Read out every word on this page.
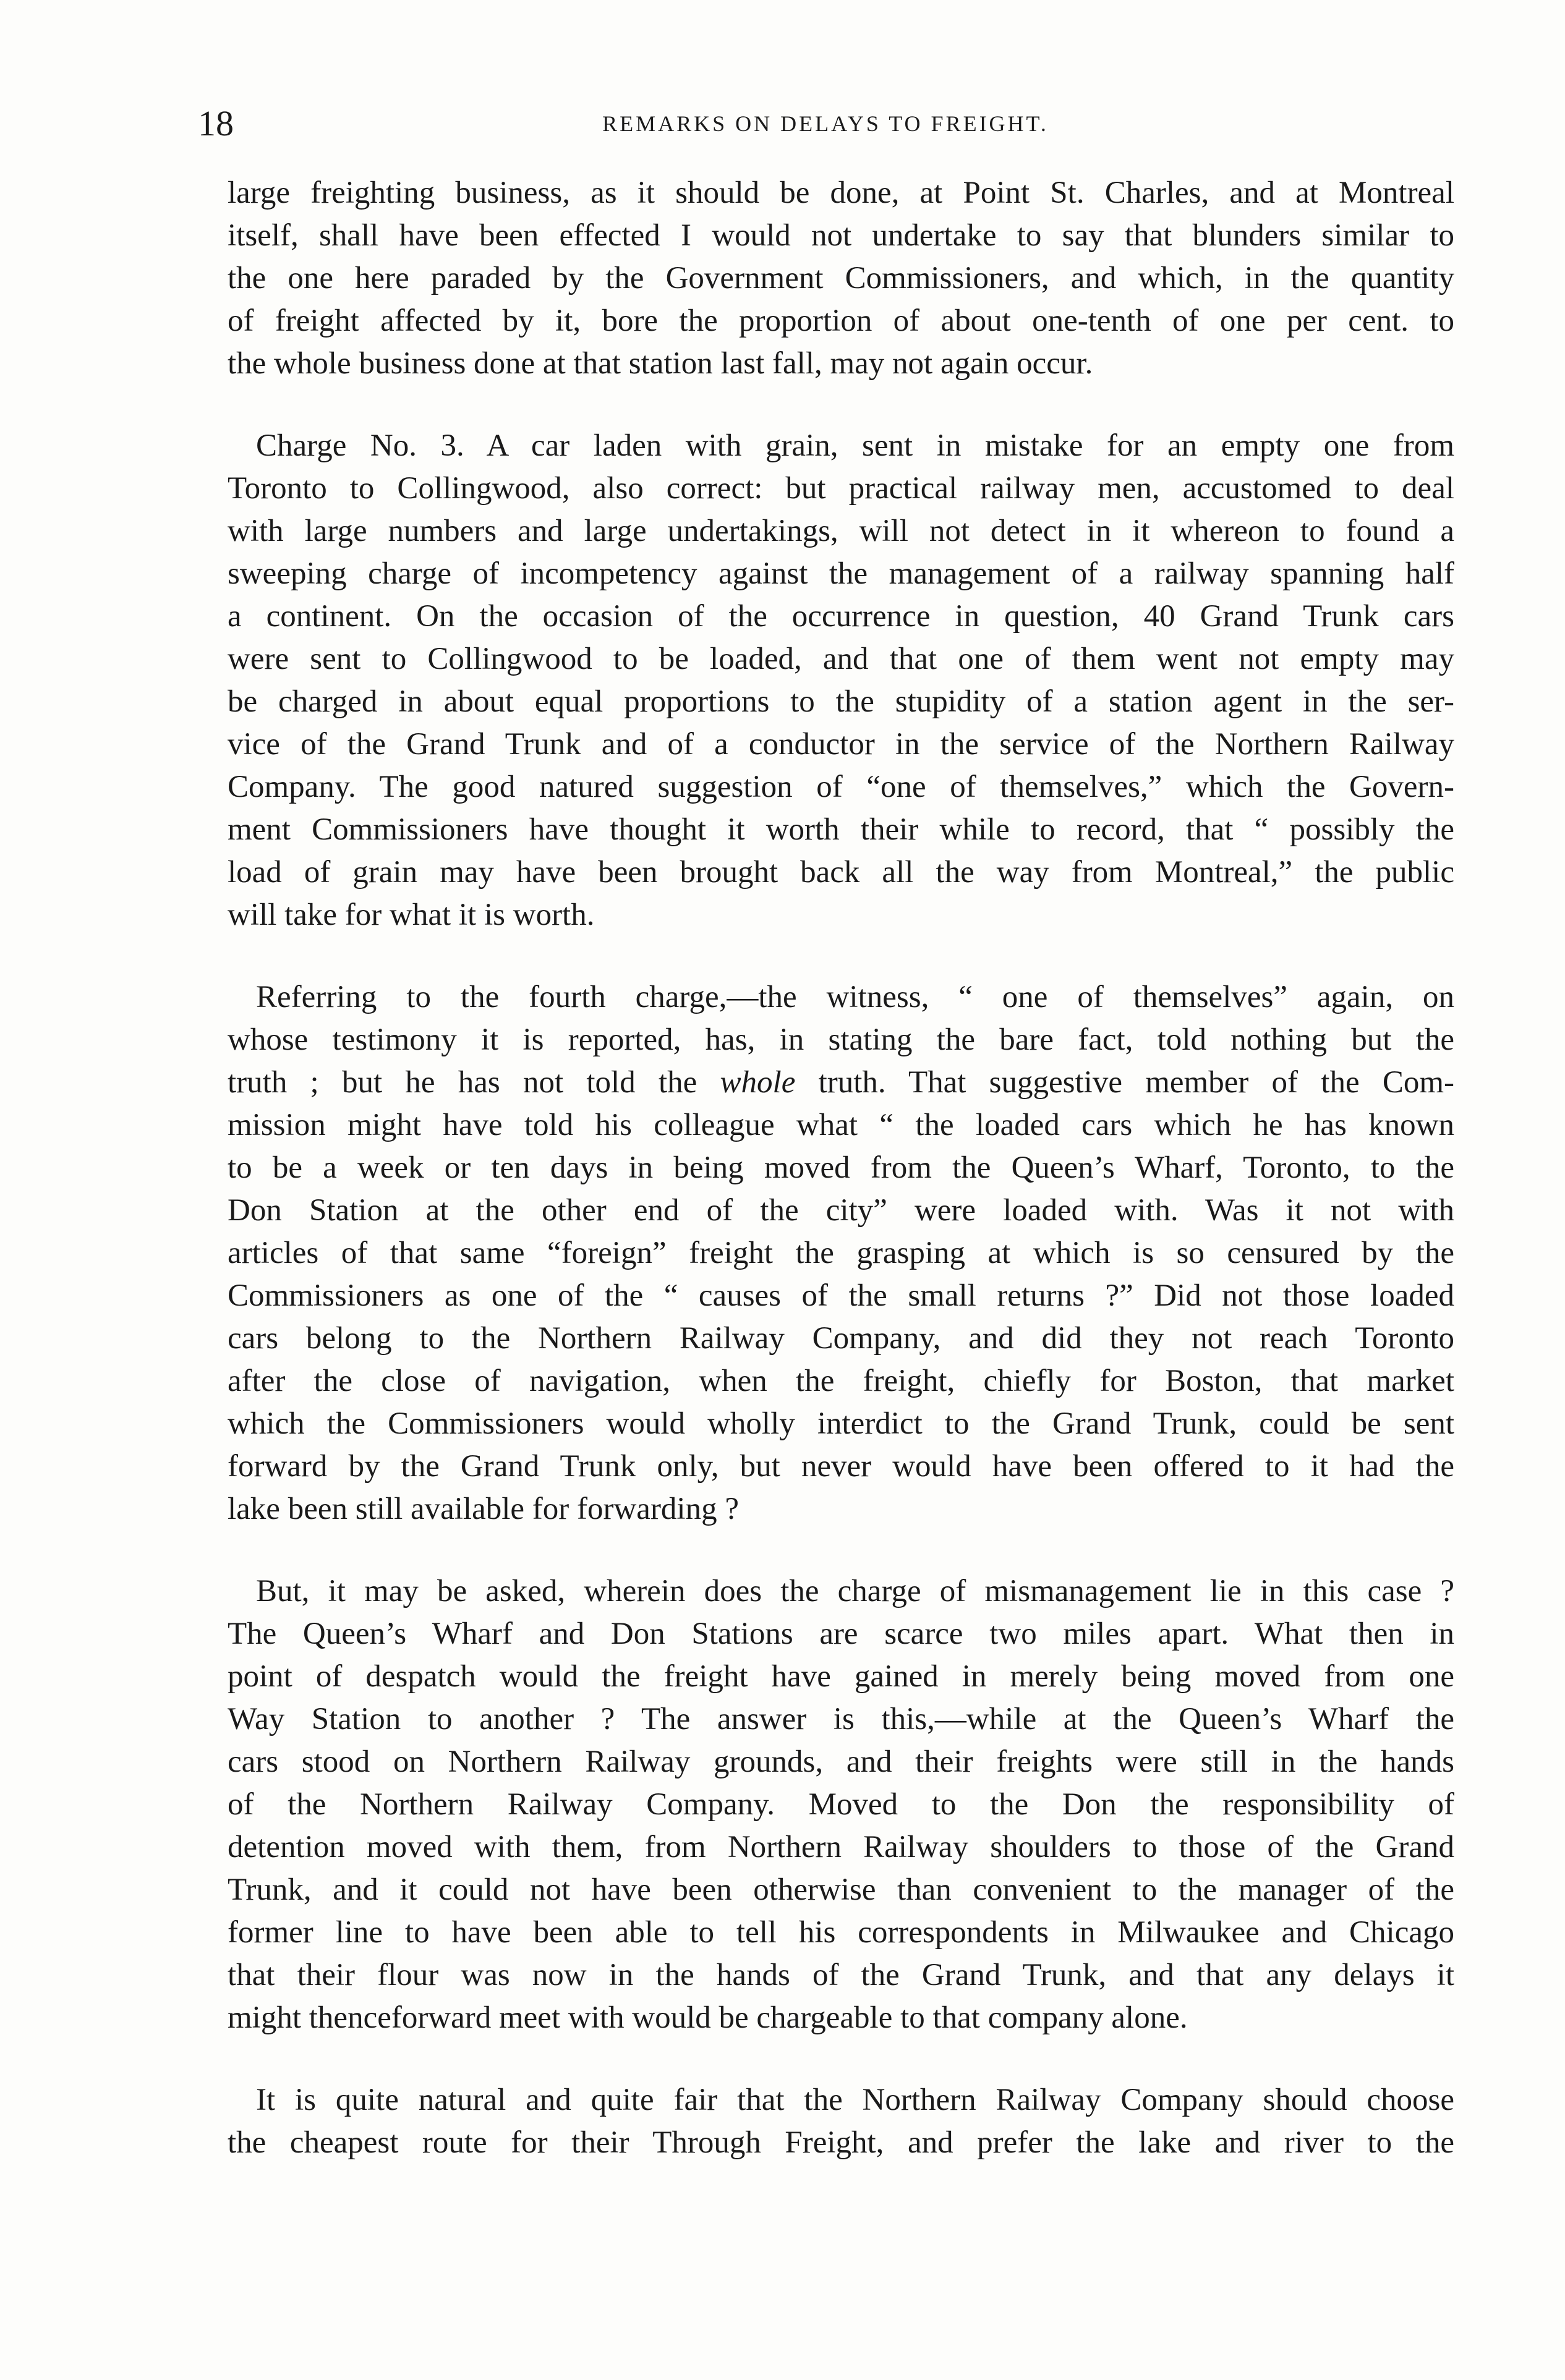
18	REMARKS ON DELAYS TO FREIGHT.

large freighting business, as it should be done, at Point St. Charles, and at Montreal
itself, shall have been effected I would not undertake to say that blunders similar to
the one here paraded by the Government Commissioners, and which, in the quantity
of freight affected by it, bore the proportion of about one-tenth of one per cent. to
the whole business done at that station last fall, may not again occur.

Charge No. 3. A car laden with grain, sent in mistake for an empty one from
Toronto to Collingwood, also correct: but practical railway men, accustomed to deal
with large numbers and large undertakings, will not detect in it whereon to found a
sweeping charge of incompetency against the management of a railway spanning half
a continent. On the occasion of the occurrence in question, 40 Grand Trunk cars
were sent to Collingwood to be loaded, and that one of them went not empty may
be charged in about equal proportions to the stupidity of a station agent in the ser-
vice of the Grand Trunk and of a conductor in the service of the Northern Railway
Company. The good natured suggestion of “one of themselves,” which the Govern-
ment Commissioners have thought it worth their while to record, that “ possibly the
load of grain may have been brought back all the way from Montreal,” the public
will take for what it is worth.

Referring to the fourth charge,—the witness, “ one of themselves” again, on
whose testimony it is reported, has, in stating the bare fact, told nothing but the
truth ; but he has not told the whole truth. That suggestive member of the Com-
mission might have told his colleague what “ the loaded cars which he has known
to be a week or ten days in being moved from the Queen’s Wharf, Toronto, to the
Don Station at the other end of the city” were loaded with. Was it not with
articles of that same “foreign” freight the grasping at which is so censured by the
Commissioners as one of the “ causes of the small returns ?” Did not those loaded
cars belong to the Northern Railway Company, and did they not reach Toronto
after the close of navigation, when the freight, chiefly for Boston, that market
which the Commissioners would wholly interdict to the Grand Trunk, could be sent
forward by the Grand Trunk only, but never would have been offered to it had the
lake been still available for forwarding ?

But, it may be asked, wherein does the charge of mismanagement lie in this case ?
The Queen’s Wharf and Don Stations are scarce two miles apart. What then in
point of despatch would the freight have gained in merely being moved from one
Way Station to another ? The answer is this,—while at the Queen’s Wharf the
cars stood on Northern Railway grounds, and their freights were still in the hands
of the Northern Railway Company. Moved to the Don the responsibility of
detention moved with them, from Northern Railway shoulders to those of the Grand
Trunk, and it could not have been otherwise than convenient to the manager of the
former line to have been able to tell his correspondents in Milwaukee and Chicago
that their flour was now in the hands of the Grand Trunk, and that any delays it
might thenceforward meet with would be chargeable to that company alone.

It is quite natural and quite fair that the Northern Railway Company should choose
the cheapest route for their Through Freight, and prefer the lake and river to the
